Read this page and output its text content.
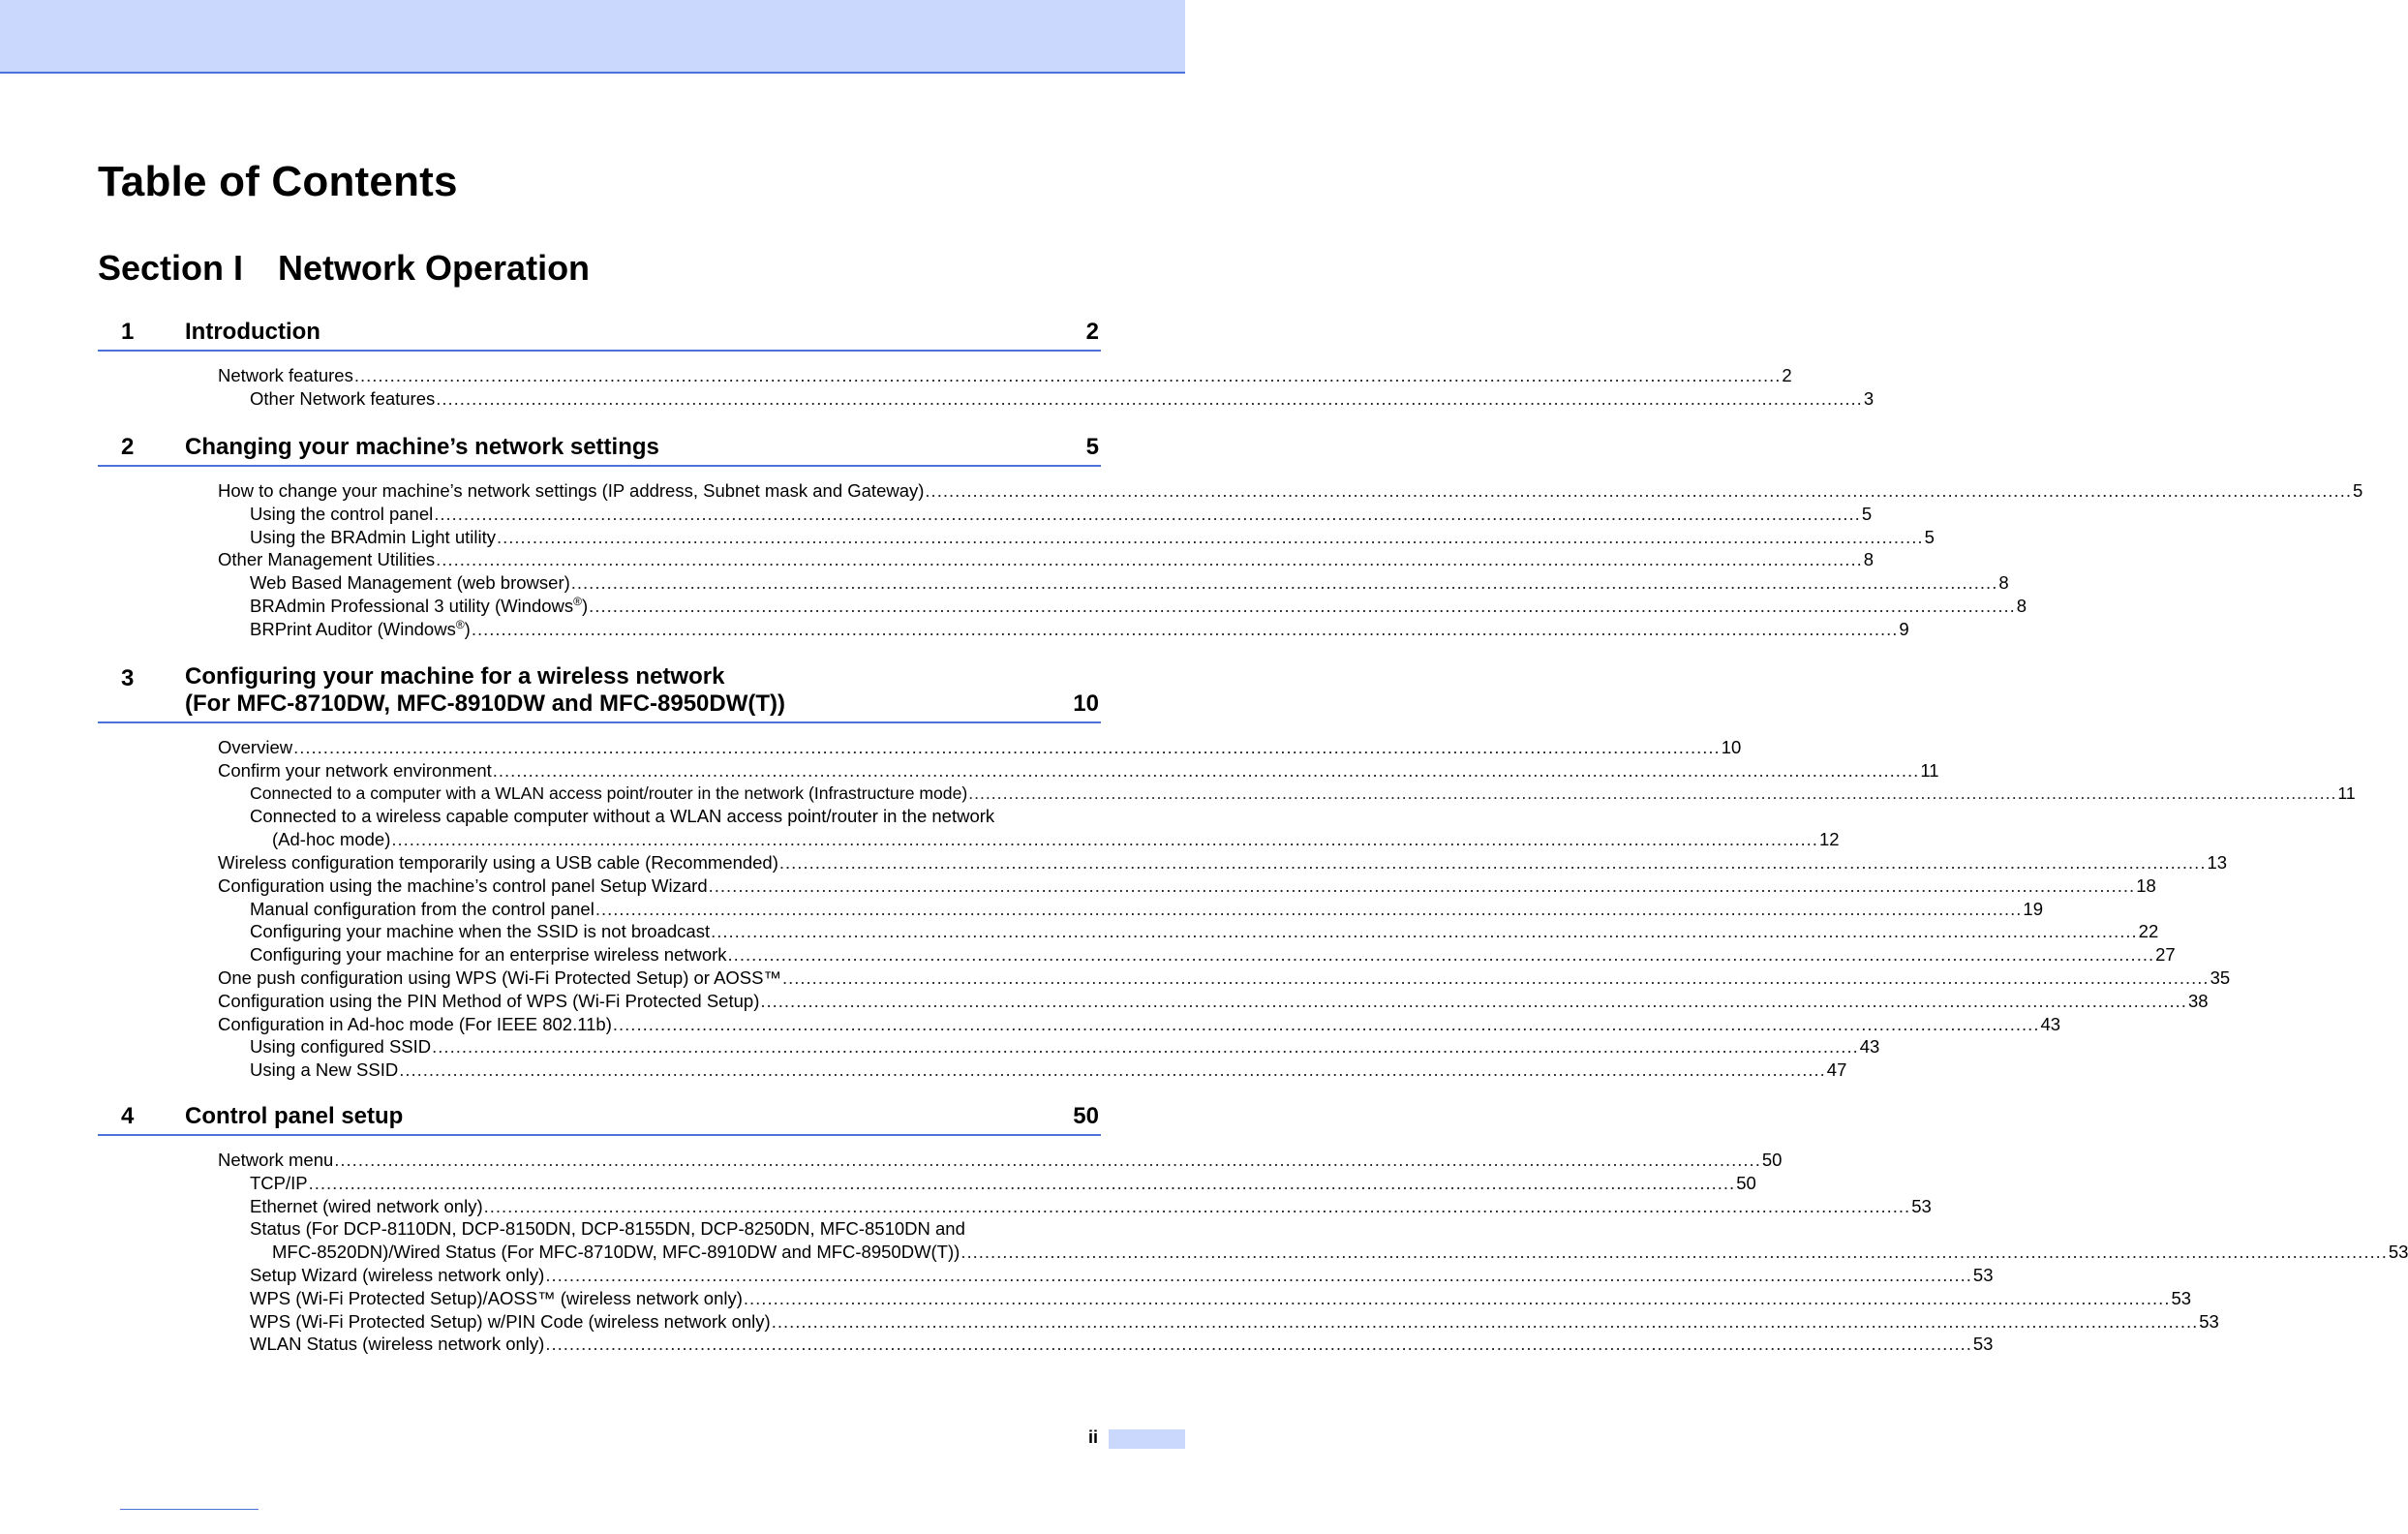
Table of Contents
Section I Network Operation
1 Introduction	2
Network features ................................................................................................................................................................................................................................................ 2
Other Network features ................................................................................................................................................................................................................................................ 3
2 Changing your machine’s network settings	5
How to change your machine’s network settings (IP address, Subnet mask and Gateway) ................................................................................................................................................................................................................................................ 5
Using the control panel ................................................................................................................................................................................................................................................ 5
Using the BRAdmin Light utility ................................................................................................................................................................................................................................................ 5
Other Management Utilities ................................................................................................................................................................................................................................................ 8
Web Based Management (web browser) ................................................................................................................................................................................................................................................ 8
BRAdmin Professional 3 utility (Windows®) ................................................................................................................................................................................................................................................ 8
BRPrint Auditor (Windows®) ................................................................................................................................................................................................................................................ 9
3 Configuring your machine for a wireless network
(For MFC-8710DW, MFC-8910DW and MFC-8950DW(T))	10
Overview ................................................................................................................................................................................................................................................ 10
Confirm your network environment ................................................................................................................................................................................................................................................ 11
Connected to a computer with a WLAN access point/router in the network (Infrastructure mode) ................................................................................................................................................................................................................................................ 11
Connected to a wireless capable computer without a WLAN access point/router in the network
(Ad-hoc mode) ................................................................................................................................................................................................................................................ 12
Wireless configuration temporarily using a USB cable (Recommended) ................................................................................................................................................................................................................................................ 13
Configuration using the machine’s control panel Setup Wizard ................................................................................................................................................................................................................................................ 18
Manual configuration from the control panel ................................................................................................................................................................................................................................................ 19
Configuring your machine when the SSID is not broadcast ................................................................................................................................................................................................................................................ 22
Configuring your machine for an enterprise wireless network ................................................................................................................................................................................................................................................ 27
One push configuration using WPS (Wi-Fi Protected Setup) or AOSS™ ................................................................................................................................................................................................................................................ 35
Configuration using the PIN Method of WPS (Wi-Fi Protected Setup) ................................................................................................................................................................................................................................................ 38
Configuration in Ad-hoc mode (For IEEE 802.11b) ................................................................................................................................................................................................................................................ 43
Using configured SSID ................................................................................................................................................................................................................................................ 43
Using a New SSID ................................................................................................................................................................................................................................................ 47
4 Control panel setup	50
Network menu ................................................................................................................................................................................................................................................ 50
TCP/IP ................................................................................................................................................................................................................................................ 50
Ethernet (wired network only) ................................................................................................................................................................................................................................................ 53
Status (For DCP-8110DN, DCP-8150DN, DCP-8155DN, DCP-8250DN, MFC-8510DN and
MFC-8520DN)/Wired Status (For MFC-8710DW, MFC-8910DW and MFC-8950DW(T)) ................................................................................................................................................................................................................................................ 53
Setup Wizard (wireless network only) ................................................................................................................................................................................................................................................ 53
WPS (Wi-Fi Protected Setup)/AOSS™ (wireless network only) ................................................................................................................................................................................................................................................ 53
WPS (Wi-Fi Protected Setup) w/PIN Code (wireless network only) ................................................................................................................................................................................................................................................ 53
WLAN Status (wireless network only) ................................................................................................................................................................................................................................................ 53
ii
